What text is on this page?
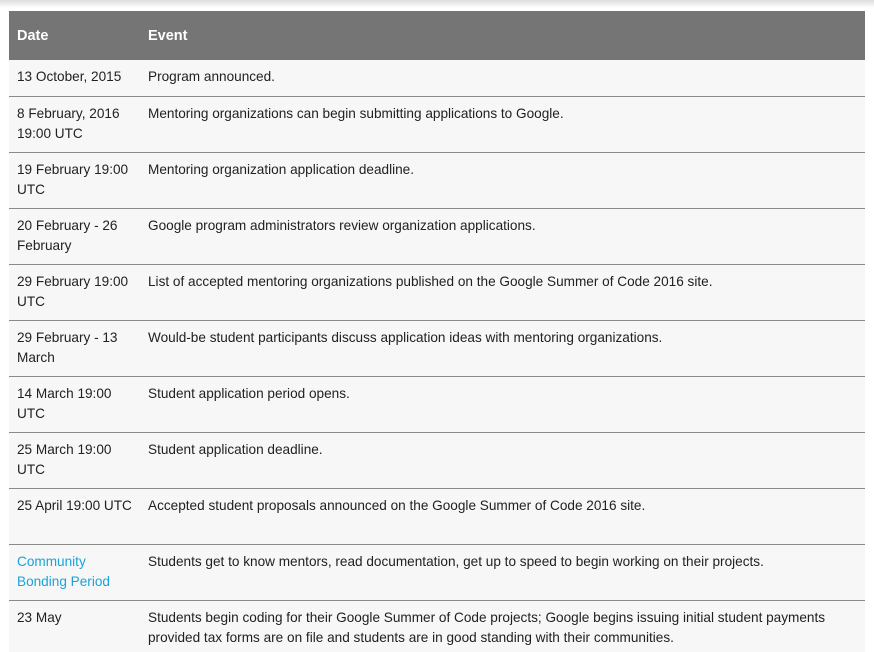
Date	Event
13 October, 2015	Program announced.
8 February, 2016 19:00 UTC	Mentoring organizations can begin submitting applications to Google.
19 February 19:00 UTC	Mentoring organization application deadline.
20 February - 26 February	Google program administrators review organization applications.
29 February 19:00 UTC	List of accepted mentoring organizations published on the Google Summer of Code 2016 site.
29 February - 13 March	Would-be student participants discuss application ideas with mentoring organizations.
14 March 19:00 UTC	Student application period opens.
25 March 19:00 UTC	Student application deadline.
25 April 19:00 UTC	Accepted student proposals announced on the Google Summer of Code 2016 site.
Community Bonding Period	Students get to know mentors, read documentation, get up to speed to begin working on their projects.
23 May	Students begin coding for their Google Summer of Code projects; Google begins issuing initial student payments provided tax forms are on file and students are in good standing with their communities.
